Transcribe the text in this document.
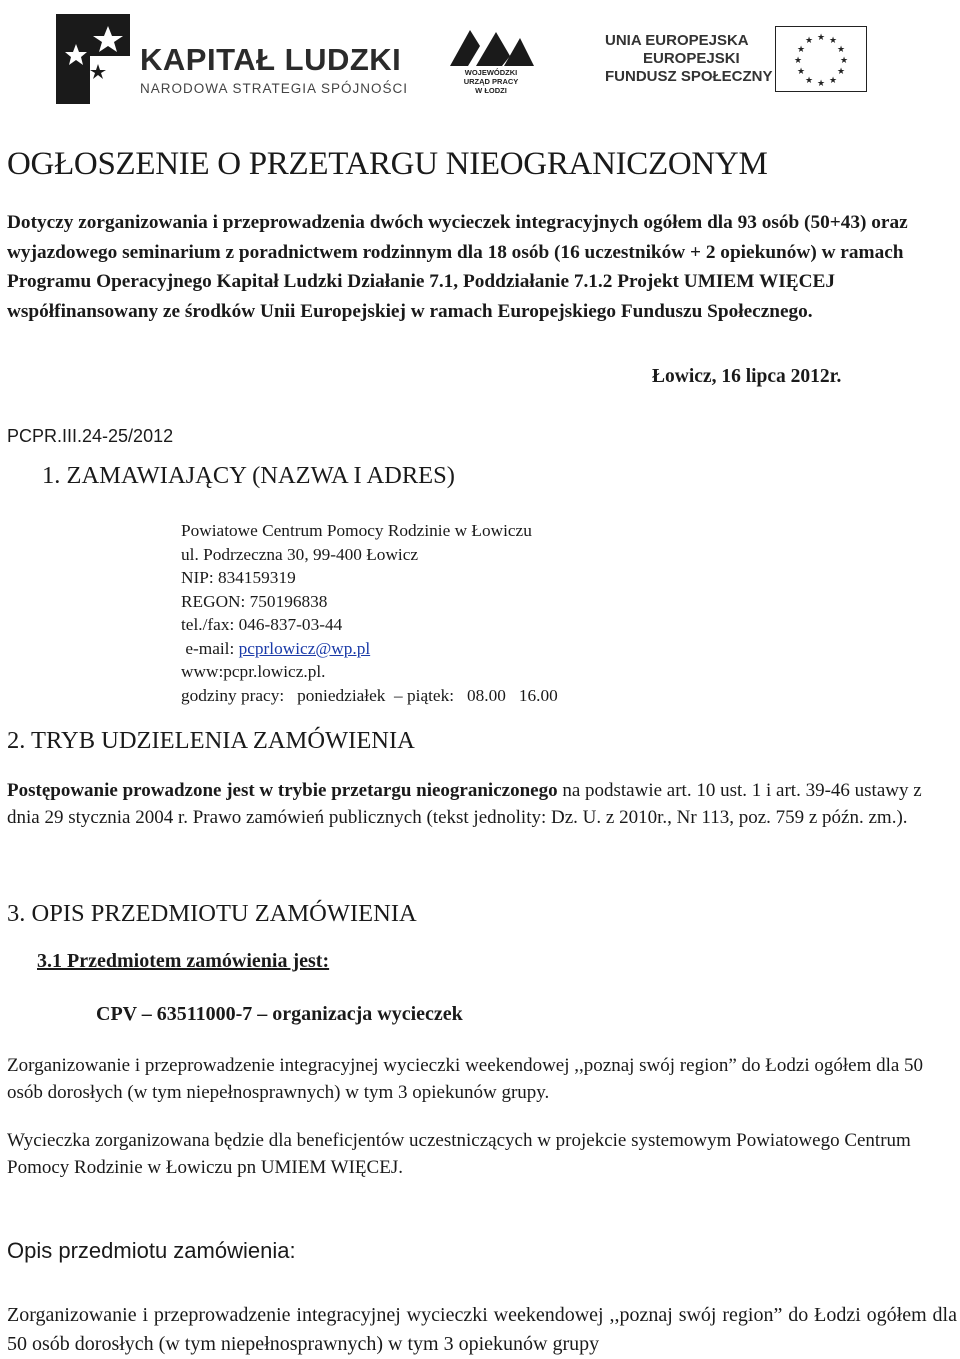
KAPITAŁ LUDZKI
NARODOWA STRATEGIA SPÓJNOŚCI
WOJEWÓDZKI
URZĄD PRACY
W ŁODZI
UNIA EUROPEJSKA
EUROPEJSKI
FUNDUSZ SPOŁECZNY
★ ★
★
★
★
★
★
★
★
★
★
★
OGŁOSZENIE O PRZETARGU NIEOGRANICZONYM
Dotyczy zorganizowania i przeprowadzenia dwóch wycieczek integracyjnych ogółem dla 93 osób (50+43) oraz wyjazdowego seminarium z poradnictwem rodzinnym dla 18 osób (16 uczestników + 2 opiekunów) w ramach Programu Operacyjnego Kapitał Ludzki Działanie 7.1, Poddziałanie 7.1.2 Projekt UMIEM WIĘCEJ współfinansowany ze środków Unii Europejskiej w ramach Europejskiego Funduszu Społecznego.
Łowicz, 16 lipca 2012r.
PCPR.III.24-25/2012
1. ZAMAWIAJĄCY (NAZWA I ADRES)
Powiatowe Centrum Pomocy Rodzinie w Łowiczu
ul. Podrzeczna 30, 99-400 Łowicz
NIP: 834159319
REGON: 750196838
tel./fax: 046-837-03-44
e-mail: pcprlowicz@wp.pl
www:pcpr.lowicz.pl.
godziny pracy:   poniedziałek  – piątek:   08.00   16.00
2. TRYB UDZIELENIA ZAMÓWIENIA
Postępowanie prowadzone jest w trybie przetargu nieograniczonego na podstawie art. 10 ust. 1 i art. 39-46 ustawy z dnia 29 stycznia 2004 r. Prawo zamówień publicznych (tekst jednolity: Dz. U. z 2010r., Nr 113, poz. 759 z późn. zm.).
3. OPIS PRZEDMIOTU ZAMÓWIENIA
3.1 Przedmiotem zamówienia jest:
CPV – 63511000-7 – organizacja wycieczek
Zorganizowanie i przeprowadzenie integracyjnej wycieczki weekendowej ,,poznaj swój region” do Łodzi ogółem dla 50 osób dorosłych (w tym niepełnosprawnych) w tym 3 opiekunów grupy.
Wycieczka zorganizowana będzie dla beneficjentów uczestniczących w projekcie systemowym Powiatowego Centrum Pomocy Rodzinie w Łowiczu pn UMIEM WIĘCEJ.
Opis przedmiotu zamówienia:
Zorganizowanie i przeprowadzenie integracyjnej wycieczki weekendowej ,,poznaj swój region” do Łodzi ogółem dla 50 osób dorosłych (w tym niepełnosprawnych) w tym 3 opiekunów grupy
